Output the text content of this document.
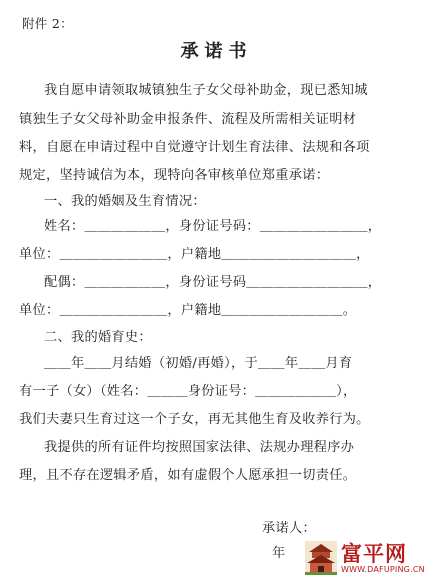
附件 2：
承诺书
我自愿申请领取城镇独生子女父母补助金，现已悉知城
镇独生子女父母补助金申报条件、流程及所需相关证明材
料，自愿在申请过程中自觉遵守计划生育法律、法规和各项
规定，坚持诚信为本，现特向各审核单位郑重承诺：
一、我的婚姻及生育情况：
姓名：＿＿＿＿＿＿，身份证号码：＿＿＿＿＿＿＿＿，
单位：＿＿＿＿＿＿＿＿，户籍地＿＿＿＿＿＿＿＿＿＿，
配偶：＿＿＿＿＿＿，身份证号码＿＿＿＿＿＿＿＿＿，
单位：＿＿＿＿＿＿＿＿，户籍地＿＿＿＿＿＿＿＿＿。
二、我的婚育史：
＿＿年＿＿月结婚（初婚/再婚），于＿＿年＿＿月育
有一子（女）（姓名：＿＿＿身份证号：＿＿＿＿＿＿），
我们夫妻只生育过这一个子女，再无其他生育及收养行为。
我提供的所有证件均按照国家法律、法规办理程序办
理，且不存在逻辑矛盾，如有虚假个人愿承担一切责任。
承诺人：
年	富平网
WWW.DAFUPING.CN
